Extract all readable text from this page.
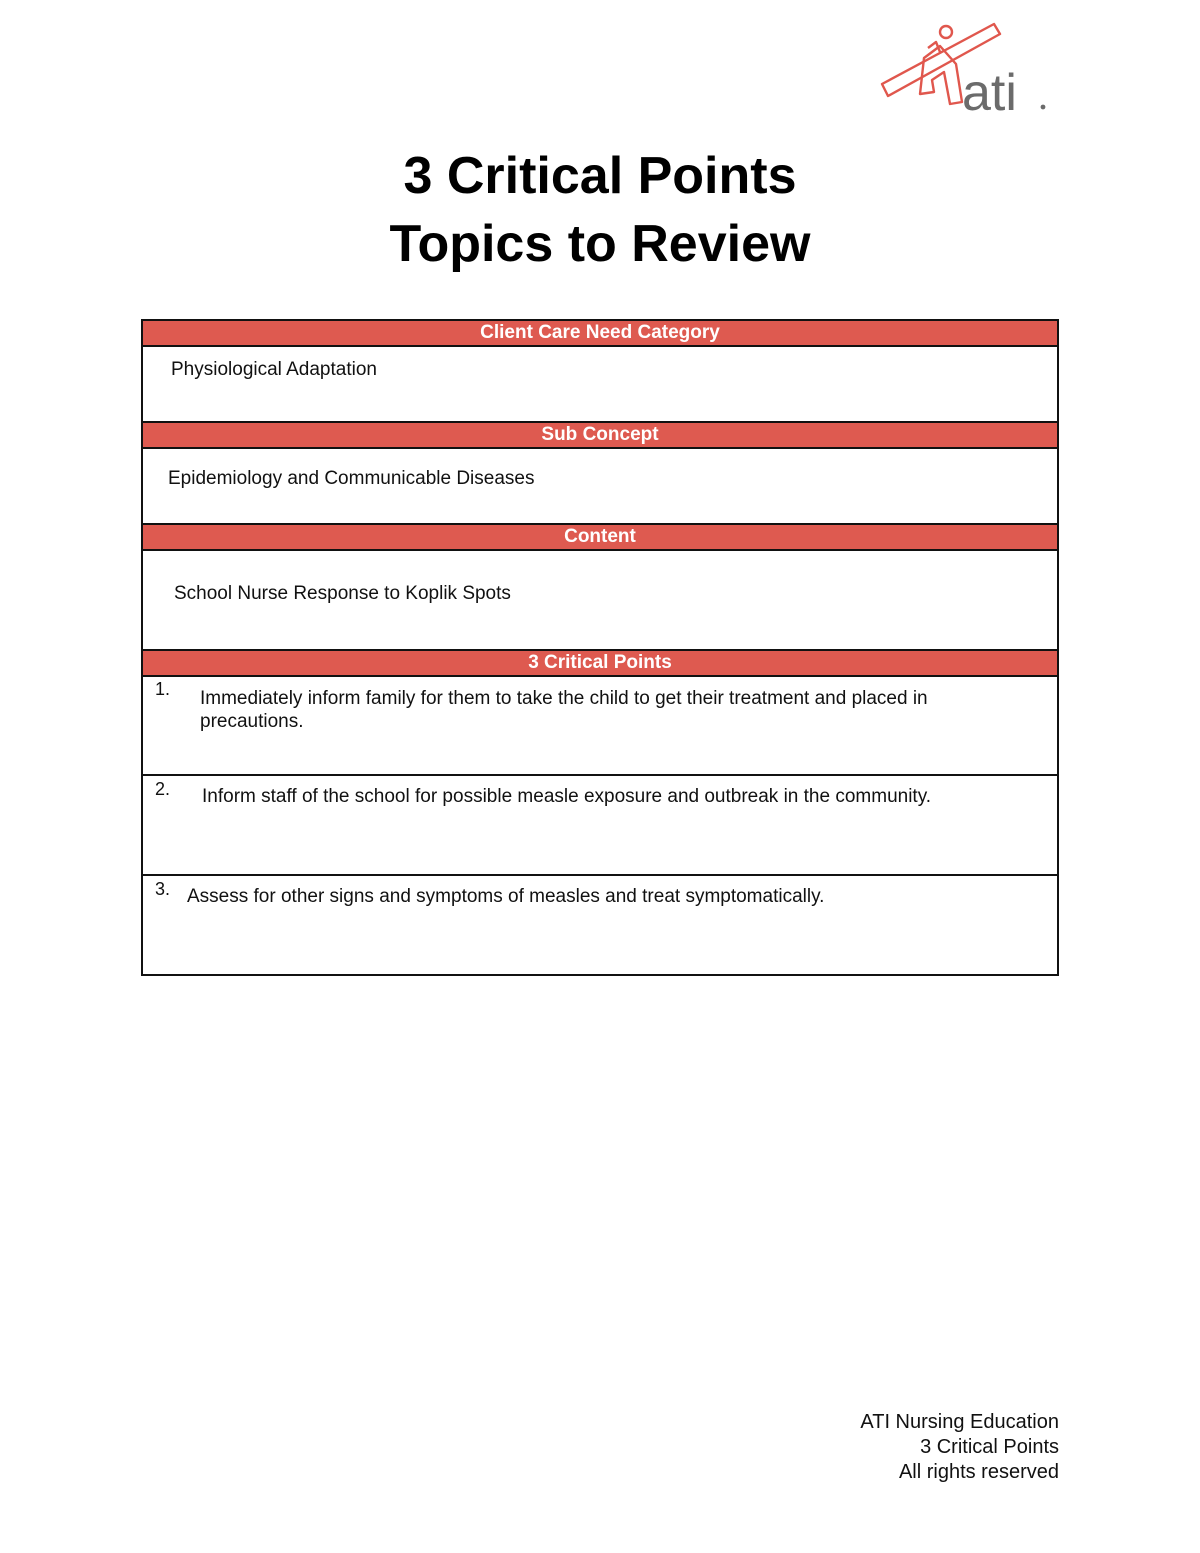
ati
3 Critical Points
Topics to Review
Client Care Need Category
Physiological Adaptation
Sub Concept
Epidemiology and Communicable Diseases
Content
School Nurse Response to Koplik Spots
3 Critical Points
1. Immediately inform family for them to take the child to get their treatment and placed in
precautions.
2. Inform staff of the school for possible measle exposure and outbreak in the community.
3. Assess for other signs and symptoms of measles and treat symptomatically.
ATI Nursing Education
3 Critical Points
All rights reserved
